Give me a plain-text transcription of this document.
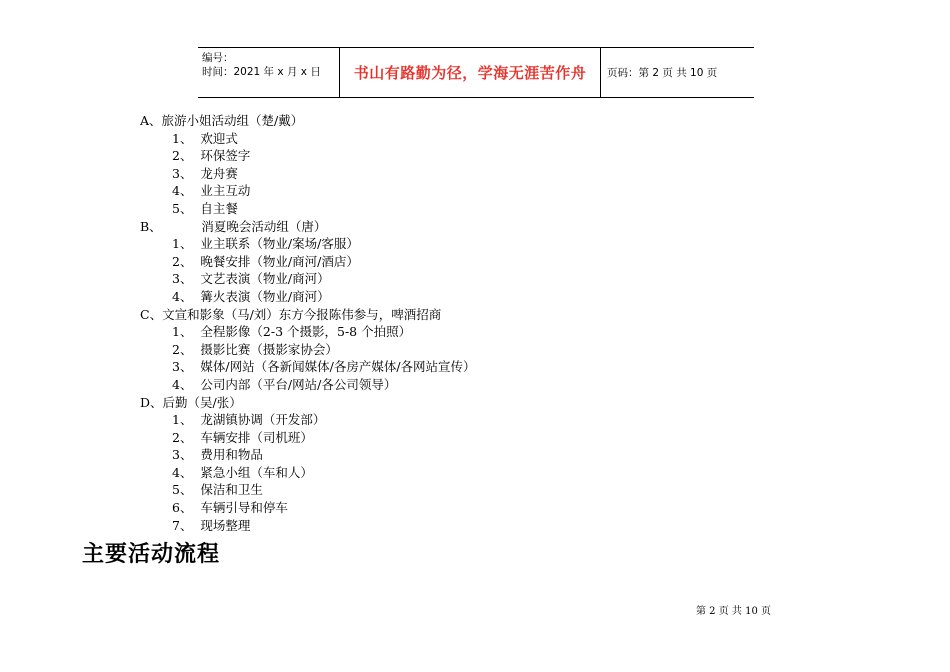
编号：
时间：2021 年 x 月 x 日	书山有路勤为径，学海无涯苦作舟	页码：第 2 页 共 10 页
A、旅游小姐活动组（楚/戴）
1、  欢迎式
2、  环保签字
3、  龙舟赛
4、  业主互动
5、  自主餐
B、          消夏晚会活动组（唐）
1、  业主联系（物业/案场/客服）
2、  晚餐安排（物业/商河/酒店）
3、  文艺表演（物业/商河）
4、  篝火表演（物业/商河）
C、文宣和影象（马/刘）东方今报陈伟参与，啤酒招商
1、  全程影像（2-3 个摄影，5-8 个拍照）
2、  摄影比赛（摄影家协会）
3、  媒体/网站（各新闻媒体/各房产媒体/各网站宣传）
4、  公司内部（平台/网站/各公司领导）
D、后勤（吴/张）
1、  龙湖镇协调（开发部）
2、  车辆安排（司机班）
3、  费用和物品
4、  紧急小组（车和人）
5、  保洁和卫生
6、  车辆引导和停车
7、  现场整理
主要活动流程
第 2 页 共 10 页
